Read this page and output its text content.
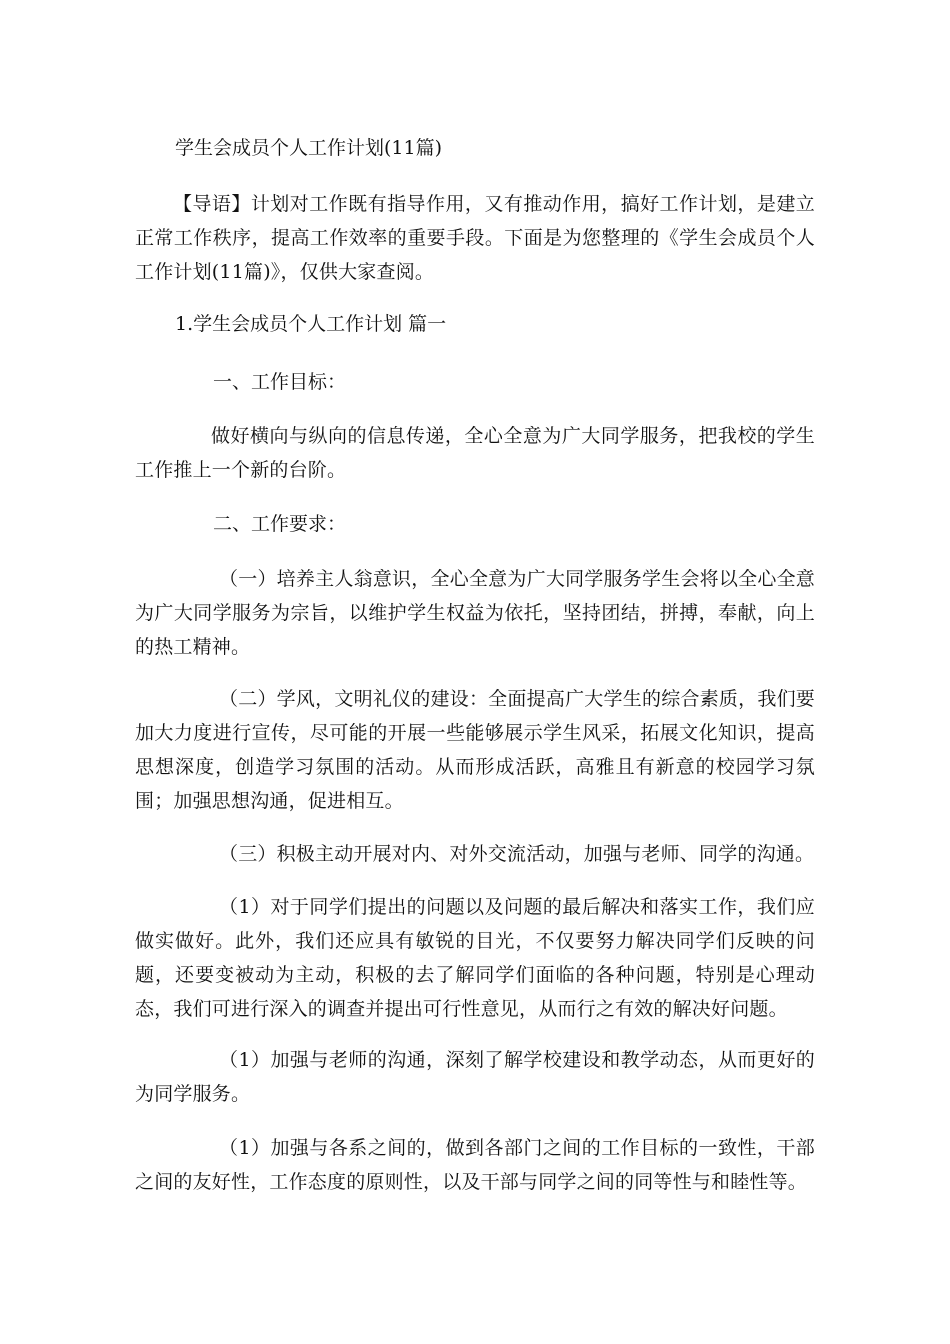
学生会成员个人工作计划(11篇)
【导语】计划对工作既有指导作用，又有推动作用，搞好工作计划，是建立正常工作秩序，提高工作效率的重要手段。下面是为您整理的《学生会成员个人工作计划(11篇)》，仅供大家查阅。
1.学生会成员个人工作计划 篇一
一、工作目标：
做好横向与纵向的信息传递，全心全意为广大同学服务，把我校的学生工作推上一个新的台阶。
二、工作要求：
（一）培养主人翁意识，全心全意为广大同学服务学生会将以全心全意为广大同学服务为宗旨，以维护学生权益为依托，坚持团结，拼搏，奉献，向上的热工精神。
（二）学风，文明礼仪的建设：全面提高广大学生的综合素质，我们要加大力度进行宣传，尽可能的开展一些能够展示学生风采，拓展文化知识，提高思想深度，创造学习氛围的活动。从而形成活跃，高雅且有新意的校园学习氛围；加强思想沟通，促进相互。
（三）积极主动开展对内、对外交流活动，加强与老师、同学的沟通。
（1）对于同学们提出的问题以及问题的最后解决和落实工作，我们应做实做好。此外，我们还应具有敏锐的目光，不仅要努力解决同学们反映的问题，还要变被动为主动，积极的去了解同学们面临的各种问题，特别是心理动态，我们可进行深入的调查并提出可行性意见，从而行之有效的解决好问题。
（1）加强与老师的沟通，深刻了解学校建设和教学动态，从而更好的为同学服务。
（1）加强与各系之间的，做到各部门之间的工作目标的一致性，干部之间的友好性，工作态度的原则性，以及干部与同学之间的同等性与和睦性等。
